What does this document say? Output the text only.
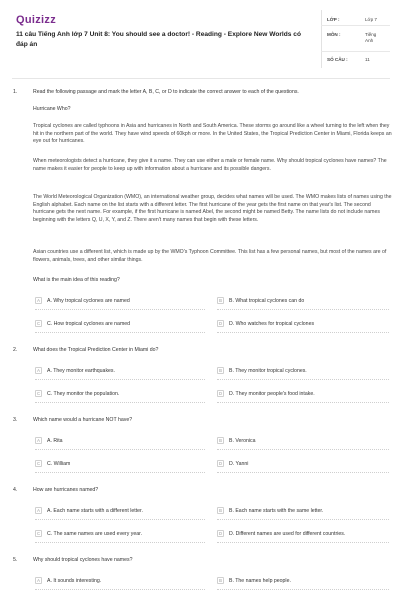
Quizizz
11 câu Tiếng Anh lớp 7 Unit 8: You should see a doctor! - Reading - Explore New Worlds có đáp án
LỚP :	Lớp 7
MÔN :	Tiếng Anh
SỐ CÂU :	11
1.	Read the following passage and mark the letter A, B, C, or D to indicate the correct answer to each of the questions.
Hurricane Who?

Tropical cyclones are called typhoons in Asia and hurricanes in North and South America. These storms go around like a wheel turning to the left when they hit in the northern part of the world. They have wind speeds of 60kph or more. In the United States, the Tropical Prediction Center in Miami, Florida keeps an eye out for hurricanes.

When meteorologists detect a hurricane, they give it a name. They can use either a male or female name. Why should tropical cyclones have names? The name makes it easier for people to keep up with information about a hurricane and its possible dangers.

The World Meteorological Organization (WMO), an international weather group, decides what names will be used. The WMO makes lists of names using the English alphabet. Each name on the list starts with a different letter. The first hurricane of the year gets the first name on that year's list. The second hurricane gets the next name. For example, if the first hurricane is named Abel, the second might be named Betty. The name lists do not include names beginning with the letters Q, U, X, Y, and Z. There aren't many names that begin with these letters.

Asian countries use a different list, which is made up by the WMO's Typhoon Committee. This list has a few personal names, but most of the names are of flowers, animals, trees, and other similar things.

What is the main idea of this reading?
A	A. Why tropical cyclones are named	B	B. What tropical cyclones can do
C	C. How tropical cyclones are named	D	D. Who watches for tropical cyclones
2.	What does the Tropical Prediction Center in Miami do?
A	A. They monitor earthquakes.	B	B. They monitor tropical cyclones.
C	C. They monitor the population.	D	D. They monitor people's food intake.
3.	Which name would a hurricane NOT have?
A	A. Rita	B	B. Veronica
C	C. William	D	D. Yanni
4.	How are hurricanes named?
A	A. Each name starts with a different letter.	B	B. Each name starts with the same letter.
C	C. The same names are used every year.	D	D. Different names are used for different countries.
5.	Why should tropical cyclones have names?
A	A. It sounds interesting.	B	B. The names help people.
